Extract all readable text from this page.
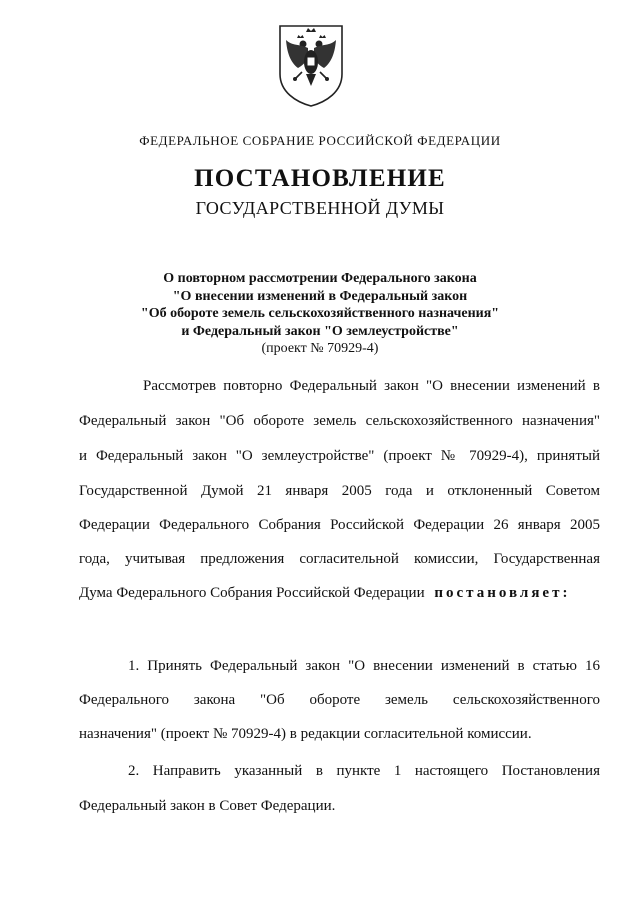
ФЕДЕРАЛЬНОЕ СОБРАНИЕ РОССИЙСКОЙ ФЕДЕРАЦИИ
ПОСТАНОВЛЕНИЕ
ГОСУДАРСТВЕННОЙ ДУМЫ
О повторном рассмотрении Федерального закона
"О внесении изменений в Федеральный закон
"Об обороте земель сельскохозяйственного назначения"
и Федеральный закон "О землеустройстве"
(проект № 70929-4)
Рассмотрев повторно Федеральный закон "О внесении изменений в
Федеральный закон "Об обороте земель сельскохозяйственного назначения"
и Федеральный закон "О землеустройстве" (проект № 70929-4), принятый
Государственной Думой 21 января 2005 года и отклоненный Советом
Федерации Федерального Собрания Российской Федерации 26 января 2005
года, учитывая предложения согласительной комиссии, Государственная
Дума Федерального Собрания Российской Федерации постановляет:
1. Принять Федеральный закон "О внесении изменений в статью 16
Федерального закона "Об обороте земель сельскохозяйственного
назначения" (проект № 70929-4) в редакции согласительной комиссии.
2. Направить указанный в пункте 1 настоящего Постановления
Федеральный закон в Совет Федерации.
